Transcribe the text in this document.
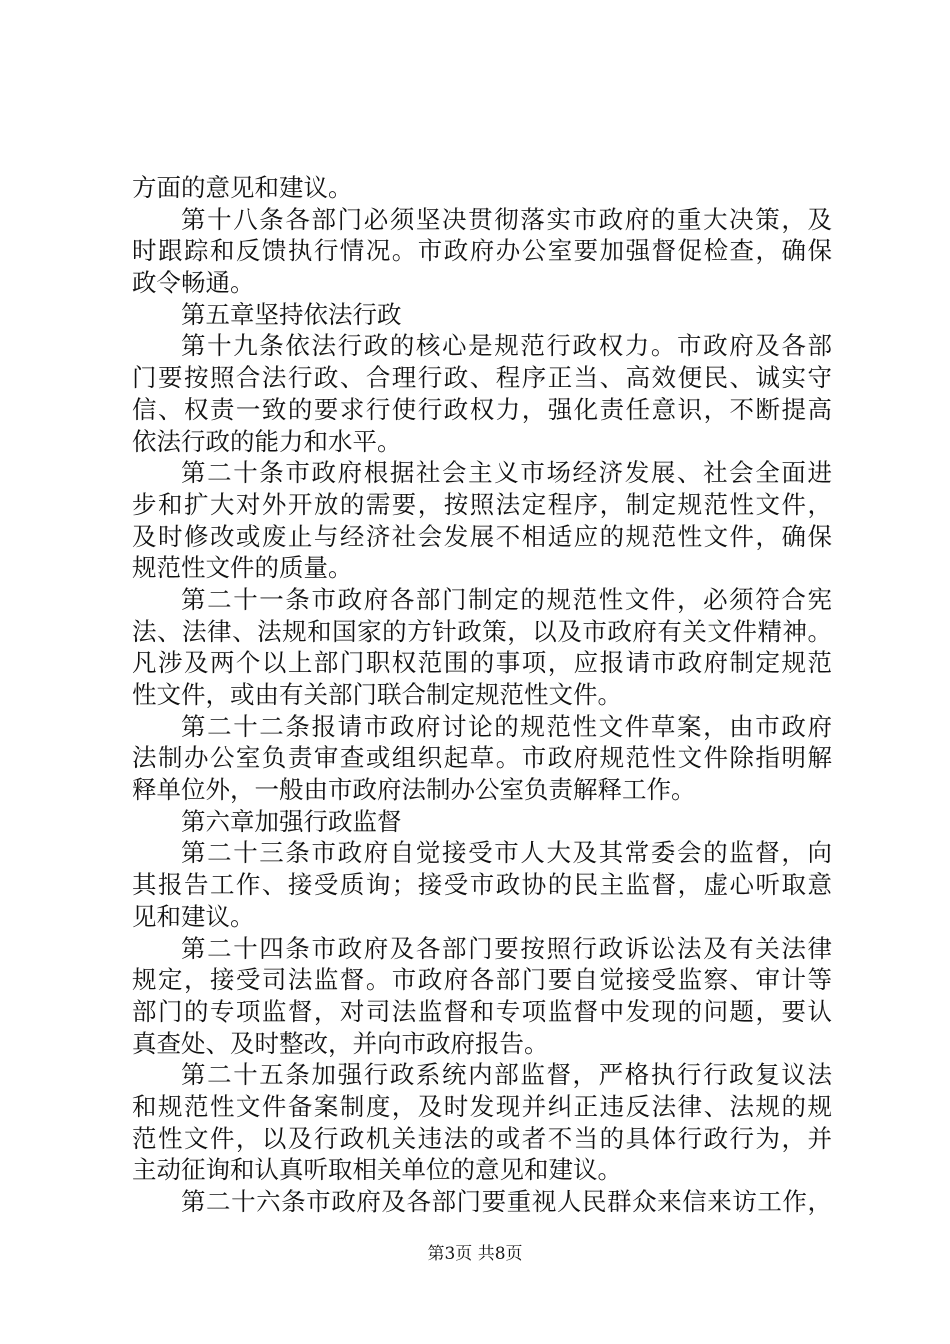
方面的意见和建议。
第十八条各部门必须坚决贯彻落实市政府的重大决策，及
时跟踪和反馈执行情况。市政府办公室要加强督促检查，确保
政令畅通。
第五章坚持依法行政
第十九条依法行政的核心是规范行政权力。市政府及各部
门要按照合法行政、合理行政、程序正当、高效便民、诚实守
信、权责一致的要求行使行政权力，强化责任意识，不断提高
依法行政的能力和水平。
第二十条市政府根据社会主义市场经济发展、社会全面进
步和扩大对外开放的需要，按照法定程序，制定规范性文件，
及时修改或废止与经济社会发展不相适应的规范性文件，确保
规范性文件的质量。
第二十一条市政府各部门制定的规范性文件，必须符合宪
法、法律、法规和国家的方针政策，以及市政府有关文件精神。
凡涉及两个以上部门职权范围的事项，应报请市政府制定规范
性文件，或由有关部门联合制定规范性文件。
第二十二条报请市政府讨论的规范性文件草案，由市政府
法制办公室负责审查或组织起草。市政府规范性文件除指明解
释单位外，一般由市政府法制办公室负责解释工作。
第六章加强行政监督
第二十三条市政府自觉接受市人大及其常委会的监督，向
其报告工作、接受质询；接受市政协的民主监督，虚心听取意
见和建议。
第二十四条市政府及各部门要按照行政诉讼法及有关法律
规定，接受司法监督。市政府各部门要自觉接受监察、审计等
部门的专项监督，对司法监督和专项监督中发现的问题，要认
真查处、及时整改，并向市政府报告。
第二十五条加强行政系统内部监督，严格执行行政复议法
和规范性文件备案制度，及时发现并纠正违反法律、法规的规
范性文件，以及行政机关违法的或者不当的具体行政行为，并
主动征询和认真听取相关单位的意见和建议。
第二十六条市政府及各部门要重视人民群众来信来访工作，
第3页 共8页
